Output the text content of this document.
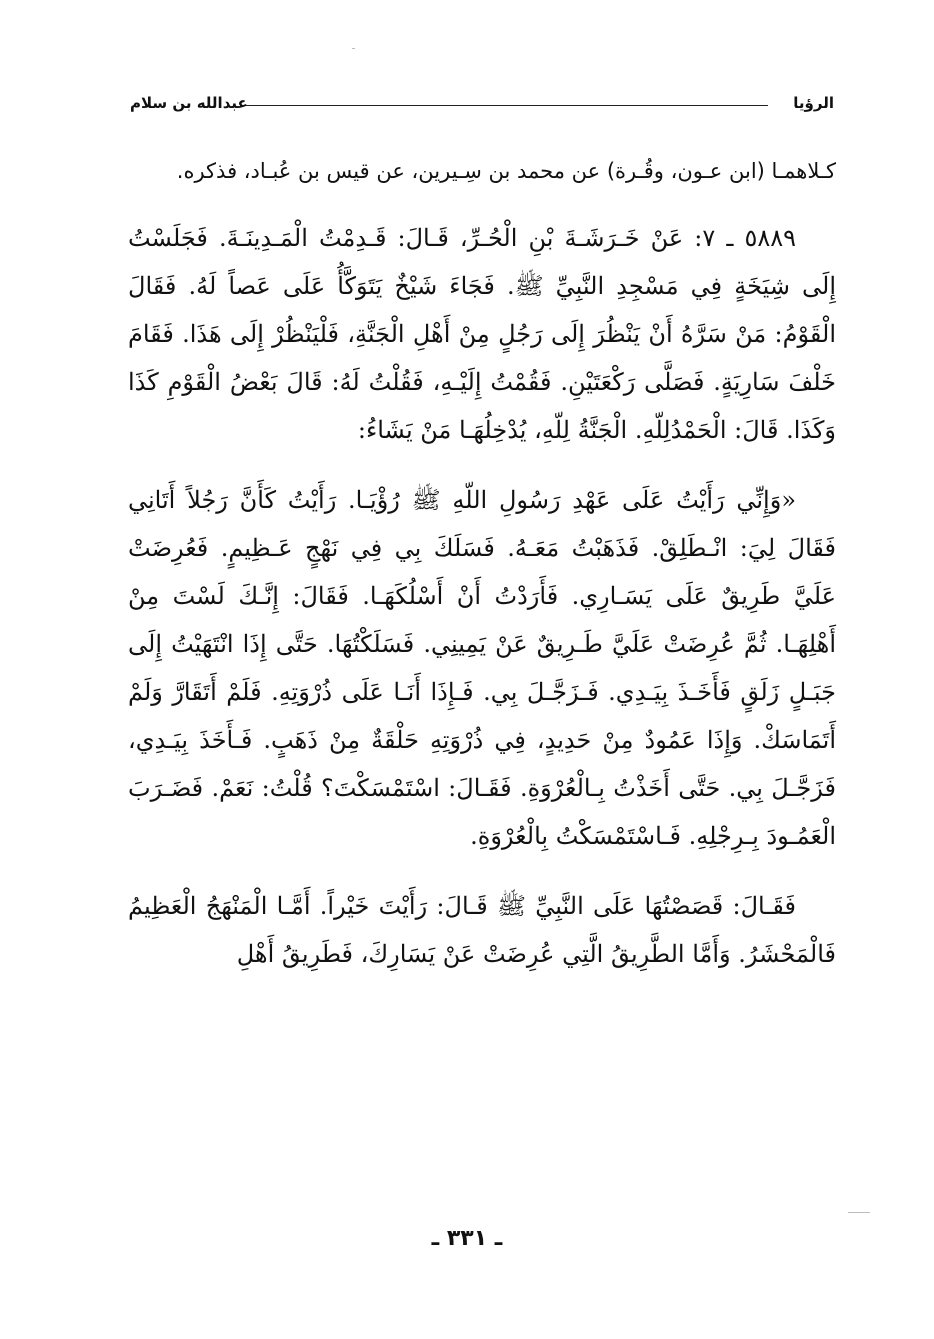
الرؤيا
عبدالله بن سلام

كـلاهمـا (ابن عـون، وقُـرة) عن محمد بن سِـيرين، عن قيس بن عُبـاد، فذكره.

٥٨٨٩ ـ ٧: عَنْ خَـرَشَـةَ بْنِ الْحُـرِّ، قَـالَ: قَـدِمْتُ الْمَـدِينَـةَ. فَجَلَسْتُ إِلَى شِيَخَةٍ فِي مَسْجِدِ النَّبِيِّ ﷺ. فَجَاءَ شَيْخٌ يَتَوَكَّأُ عَلَى عَصاً لَهُ. فَقَالَ الْقَوْمُ: مَنْ سَرَّهُ أَنْ يَنْظُرَ إِلَى رَجُلٍ مِنْ أَهْلِ الْجَنَّةِ، فَلْيَنْظُرْ إِلَى هَذَا. فَقَامَ خَلْفَ سَارِيَةٍ. فَصَلَّى رَكْعَتَيْنِ. فَقُمْتُ إِلَيْـهِ، فَقُلْتُ لَهُ: قَالَ بَعْضُ الْقَوْمِ كَذَا وَكَذَا. قَالَ: الْحَمْدُلِلّهِ. الْجَنَّةُ لِلّهِ، يُدْخِلُهَـا مَنْ يَشَاءُ:

«وَإِنِّي رَأَيْتُ عَلَى عَهْدِ رَسُولِ اللّهِ ﷺ رُؤْيَـا. رَأَيْتُ كَأَنَّ رَجُلاً أَتَانِي فَقَالَ لِيَ: انْـطَلِقْ. فَذَهَبْتُ مَعَـهُ. فَسَلَكَ بِي فِي نَهْجٍ عَـظِيمٍ. فَعُرِضَتْ عَلَيَّ طَرِيقٌ عَلَى يَسَـارِي. فَأَرَدْتُ أَنْ أَسْلُكَهَـا. فَقَالَ: إِنَّـكَ لَسْتَ مِنْ أَهْلِهَـا. ثُمَّ عُرِضَتْ عَلَيَّ طَـرِيقٌ عَنْ يَمِينِي. فَسَلَكْتُهَا. حَتَّى إِذَا انْتَهَيْتُ إِلَى جَبَـلٍ زَلَقٍ فَأَخَـذَ بِيَـدِي. فَـزَجَّـلَ بِي. فَـإِذَا أَنَـا عَلَى ذُرْوَتِهِ. فَلَمْ أَتَقَارَّ وَلَمْ أَتَمَاسَكْ. وَإِذَا عَمُودٌ مِنْ حَدِيدٍ، فِي ذُرْوَتِهِ حَلْقَةٌ مِنْ ذَهَبٍ. فَـأَخَذَ بِيَـدِي، فَزَجَّـلَ بِي. حَتَّى أَخَذْتُ بِـالْعُرْوَةِ. فَقَـالَ: اسْتَمْسَكْتَ؟ قُلْتُ: نَعَمْ. فَضَـرَبَ الْعَمُـودَ بِـرِجْلِهِ. فَـاسْتَمْسَكْتُ بِالْعُرْوَةِ.

فَقَـالَ: قَصَصْتُهَا عَلَى النَّبِيِّ ﷺ قَـالَ: رَأَيْتَ خَيْراً. أَمَّـا الْمَنْهَجُ الْعَظِيمُ فَالْمَحْشَرُ. وَأَمَّا الطَّرِيقُ الَّتِي عُرِضَتْ عَنْ يَسَارِكَ، فَطَرِيقُ أَهْلِ

ـ ٣٣١ ـ
